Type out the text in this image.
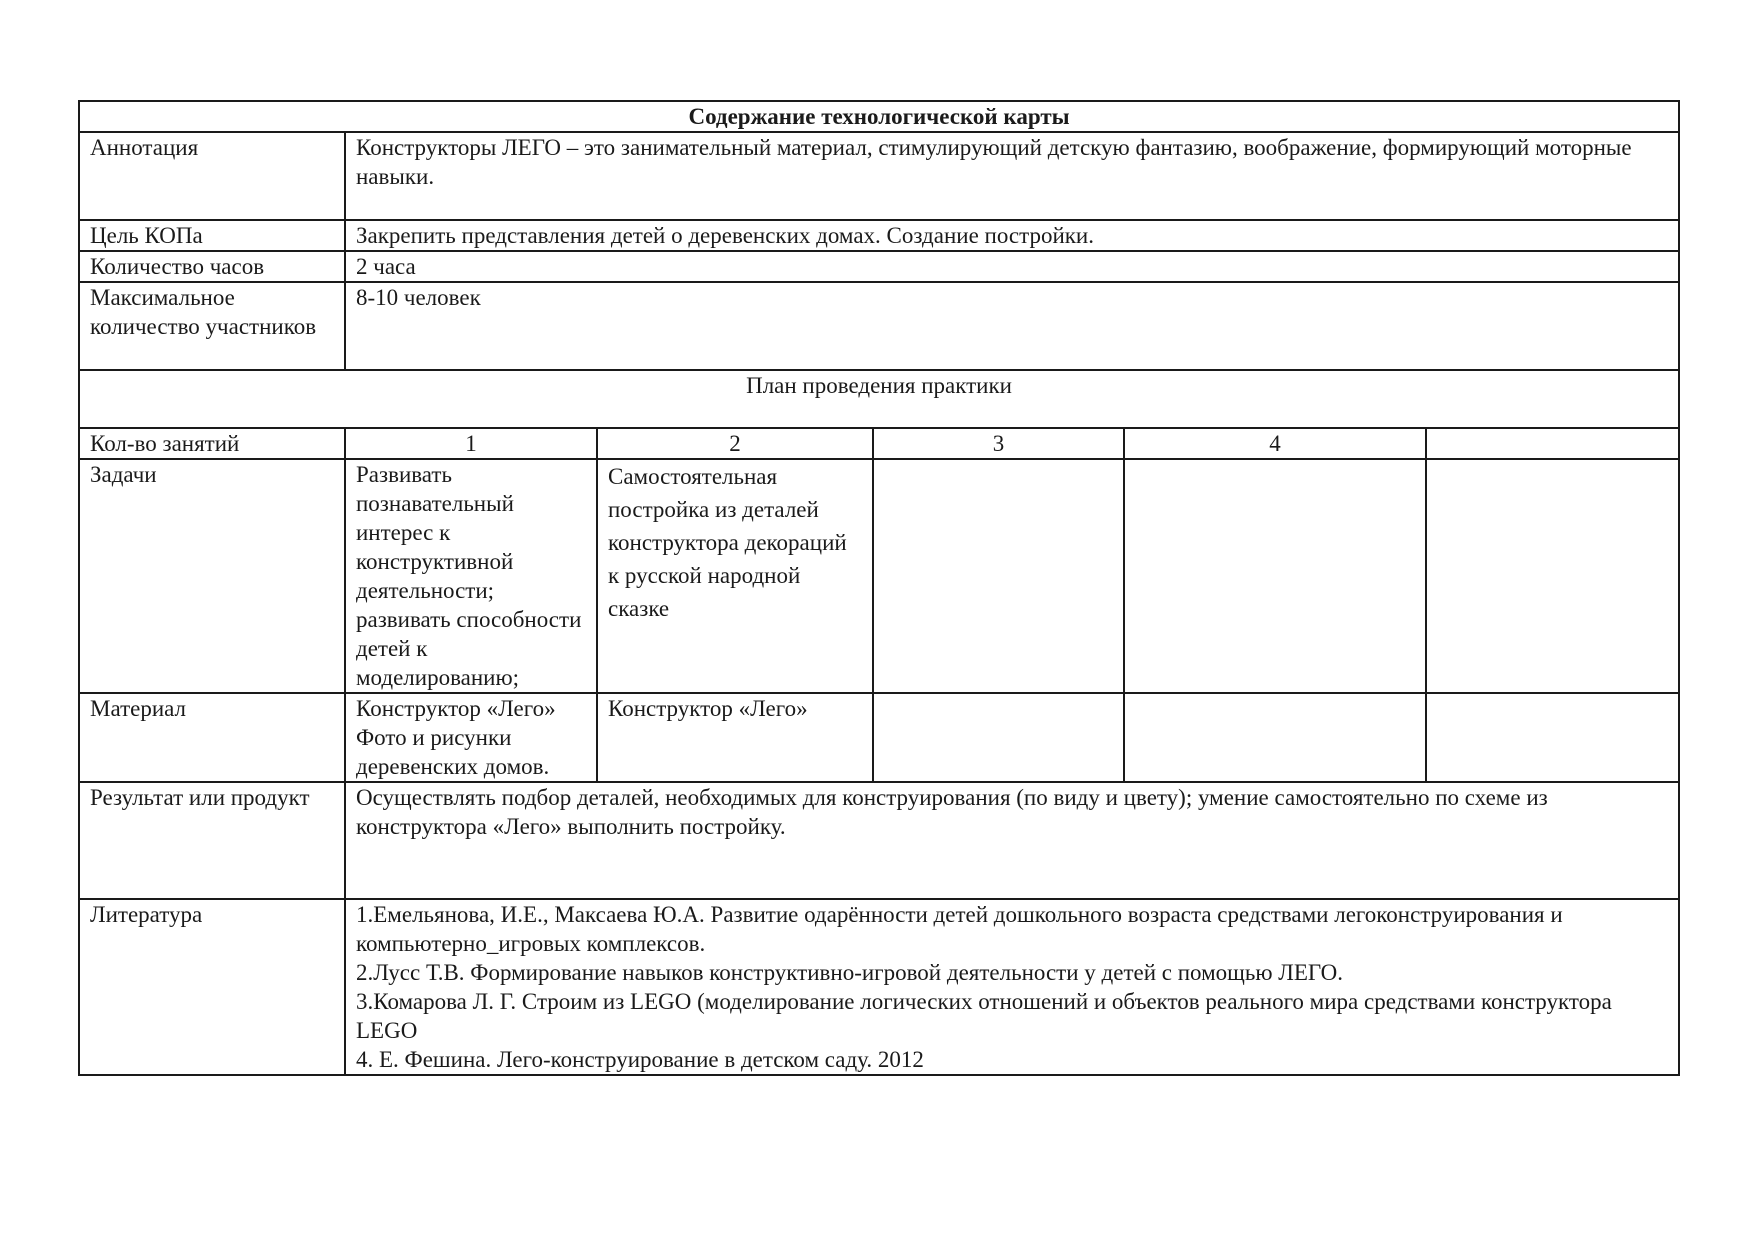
Содержание технологической карты					
Аннотация	Конструкторы ЛЕГО – это занимательный материал, стимулирующий детскую фантазию, воображение, формирующий моторные навыки.				
Цель КОПа	Закрепить представления детей о деревенских домах. Создание постройки.				
Количество часов	2 часа				
Максимальное количество участников	8-10 человек				
План проведения практики					
Кол-во занятий	1	2	3	4	
Задачи	Развивать познавательный интерес к конструктивной деятельности; развивать способности детей к моделированию;	Самостоятельная постройка из деталей конструктора декораций к русской народной сказке			
Материал	Конструктор «Лего» Фото и рисунки деревенских домов.	Конструктор «Лего»			
Результат или продукт	Осуществлять подбор деталей, необходимых для конструирования (по виду и цвету); умение самостоятельно по схеме из конструктора «Лего» выполнить постройку.				
Литература	1.Емельянова, И.Е., Максаева Ю.А. Развитие одарённости детей дошкольного возраста средствами легоконструирования и компьютерно_игровых комплексов.
2.Лусс Т.В. Формирование навыков конструктивно-игровой деятельности у детей с помощью ЛЕГО.
3.Комарова Л. Г. Строим из LEGO (моделирование логических отношений и объектов реального мира средствами конструктора LEGO
4. Е. Фешина. Лего-конструирование в детском саду. 2012				
